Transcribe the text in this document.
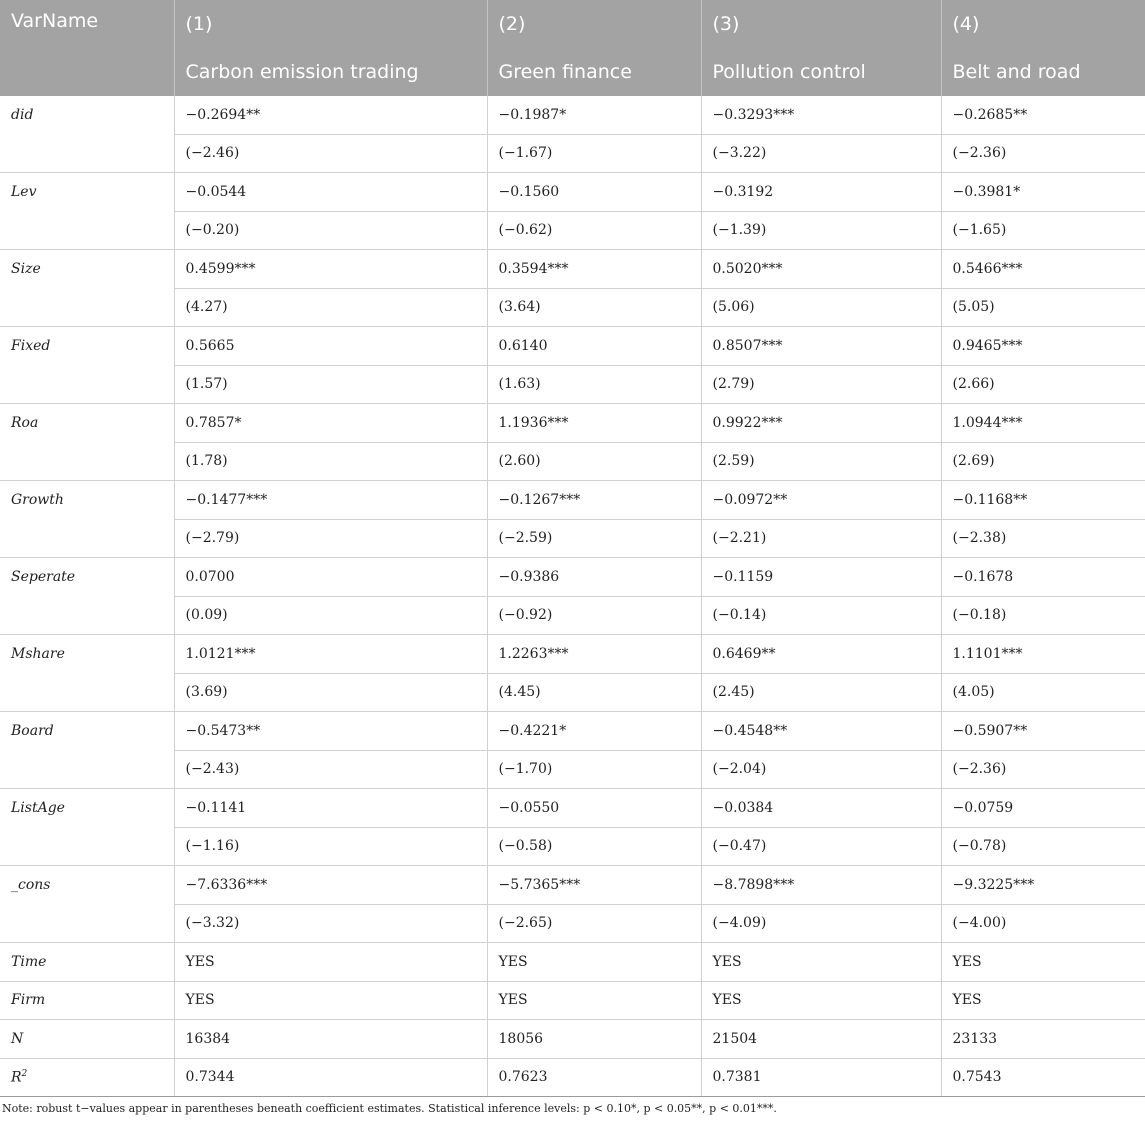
VarName	(1)	(2)	(3)	(4)
	Carbon emission trading	Green finance	Pollution control	Belt and road
did	−0.2694**	−0.1987*	−0.3293***	−0.2685**
	(−2.46)	(−1.67)	(−3.22)	(−2.36)
Lev	−0.0544	−0.1560	−0.3192	−0.3981*
	(−0.20)	(−0.62)	(−1.39)	(−1.65)
Size	0.4599***	0.3594***	0.5020***	0.5466***
	(4.27)	(3.64)	(5.06)	(5.05)
Fixed	0.5665	0.6140	0.8507***	0.9465***
	(1.57)	(1.63)	(2.79)	(2.66)
Roa	0.7857*	1.1936***	0.9922***	1.0944***
	(1.78)	(2.60)	(2.59)	(2.69)
Growth	−0.1477***	−0.1267***	−0.0972**	−0.1168**
	(−2.79)	(−2.59)	(−2.21)	(−2.38)
Seperate	0.0700	−0.9386	−0.1159	−0.1678
	(0.09)	(−0.92)	(−0.14)	(−0.18)
Mshare	1.0121***	1.2263***	0.6469**	1.1101***
	(3.69)	(4.45)	(2.45)	(4.05)
Board	−0.5473**	−0.4221*	−0.4548**	−0.5907**
	(−2.43)	(−1.70)	(−2.04)	(−2.36)
ListAge	−0.1141	−0.0550	−0.0384	−0.0759
	(−1.16)	(−0.58)	(−0.47)	(−0.78)
_cons	−7.6336***	−5.7365***	−8.7898***	−9.3225***
	(−3.32)	(−2.65)	(−4.09)	(−4.00)
Time	YES	YES	YES	YES
Firm	YES	YES	YES	YES
N	16384	18056	21504	23133
$R^2$	0.7344	0.7623	0.7381	0.7543
Note: robust t−values appear in parentheses beneath coefficient estimates. Statistical inference levels: p < 0.10*, p < 0.05**, p < 0.01***.
